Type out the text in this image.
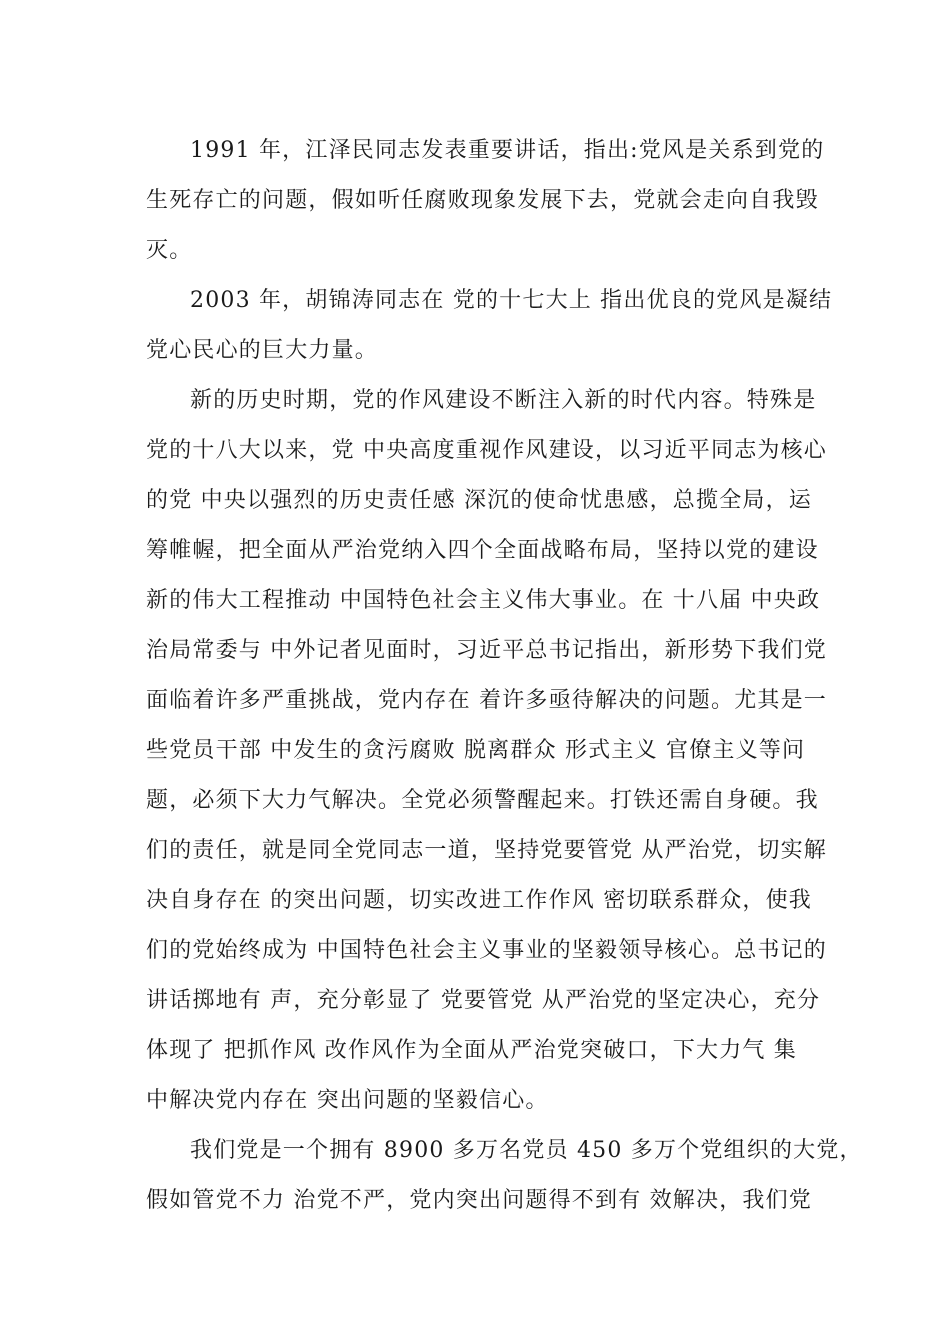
1991 年，江泽民同志发表重要讲话，指出:党风是关系到党的
生死存亡的问题，假如听任腐败现象发展下去，党就会走向自我毁
灭。
2003 年，胡锦涛同志在 党的十七大上 指出优良的党风是凝结
党心民心的巨大力量。
新的历史时期，党的作风建设不断注入新的时代内容。特殊是
党的十八大以来，党 中央高度重视作风建设，以习近平同志为核心
的党 中央以强烈的历史责任感 深沉的使命忧患感，总揽全局，运
筹帷幄，把全面从严治党纳入四个全面战略布局，坚持以党的建设
新的伟大工程推动 中国特色社会主义伟大事业。在 十八届 中央政
治局常委与 中外记者见面时，习近平总书记指出，新形势下我们党
面临着许多严重挑战，党内存在 着许多亟待解决的问题。尤其是一
些党员干部 中发生的贪污腐败 脱离群众 形式主义 官僚主义等问
题，必须下大力气解决。全党必须警醒起来。打铁还需自身硬。我
们的责任，就是同全党同志一道，坚持党要管党 从严治党，切实解
决自身存在 的突出问题，切实改进工作作风 密切联系群众，使我
们的党始终成为 中国特色社会主义事业的坚毅领导核心。总书记的
讲话掷地有 声，充分彰显了 党要管党 从严治党的坚定决心，充分
体现了 把抓作风 改作风作为全面从严治党突破口，下大力气 集
中解决党内存在 突出问题的坚毅信心。
我们党是一个拥有 8900 多万名党员 450 多万个党组织的大党，
假如管党不力 治党不严，党内突出问题得不到有 效解决，我们党
